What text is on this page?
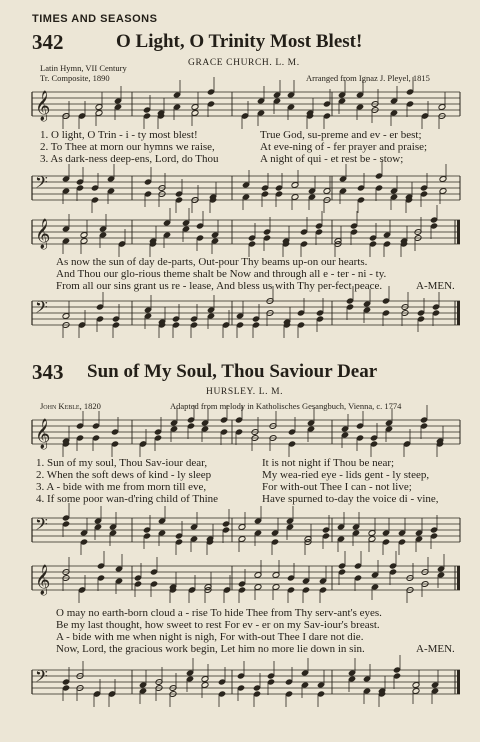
TIMES AND SEASONS
342	O Light, O Trinity Most Blest!
GRACE CHURCH. L. M.
Latin Hymn, VII Century
Tr. Composite, 1890	Arranged from Ignaz J. Pleyel, 1815
𝄞
1. O light, O Trin - i - ty most blest!	True God, su-preme and ev - er best;
2. To Thee at morn our hymns we raise,	At eve-ning of - fer prayer and praise;
3. As dark-ness deep-ens, Lord, do Thou	A night of qui - et rest be - stow;
𝄢
𝄞
As now the sun of day de-parts, Out-pour Thy beams up-on our hearts.
And Thou our glo-rious theme shalt be Now and through all e - ter - ni - ty.
From all our sins grant us re - lease, And bless us with Thy per-fect peace.	A-MEN.
𝄢
343 Sun of My Soul, Thou Saviour Dear
HURSLEY. L. M.
John Keble, 1820	Adapted from melody in Katholisches Gesangbuch, Vienna, c. 1774
𝄞
1. Sun of my soul, Thou Sav-iour dear,	It is not night if Thou be near;
2. When the soft dews of kind - ly sleep	My wea-ried eye - lids gent - ly steep,
3. A - bide with me from morn till eve,	For with-out Thee I can - not live;
4. If some poor wan-d'ring child of Thine	Have spurned to-day the voice di - vine,
𝄢
𝄞
O may no earth-born cloud a - rise To hide Thee from Thy serv-ant's eyes.
Be my last thought, how sweet to rest For ev - er on my Sav-iour's breast.
A - bide with me when night is nigh, For with-out Thee I dare not die.
Now, Lord, the gracious work begin, Let him no more lie down in sin.	A-MEN.
𝄢
